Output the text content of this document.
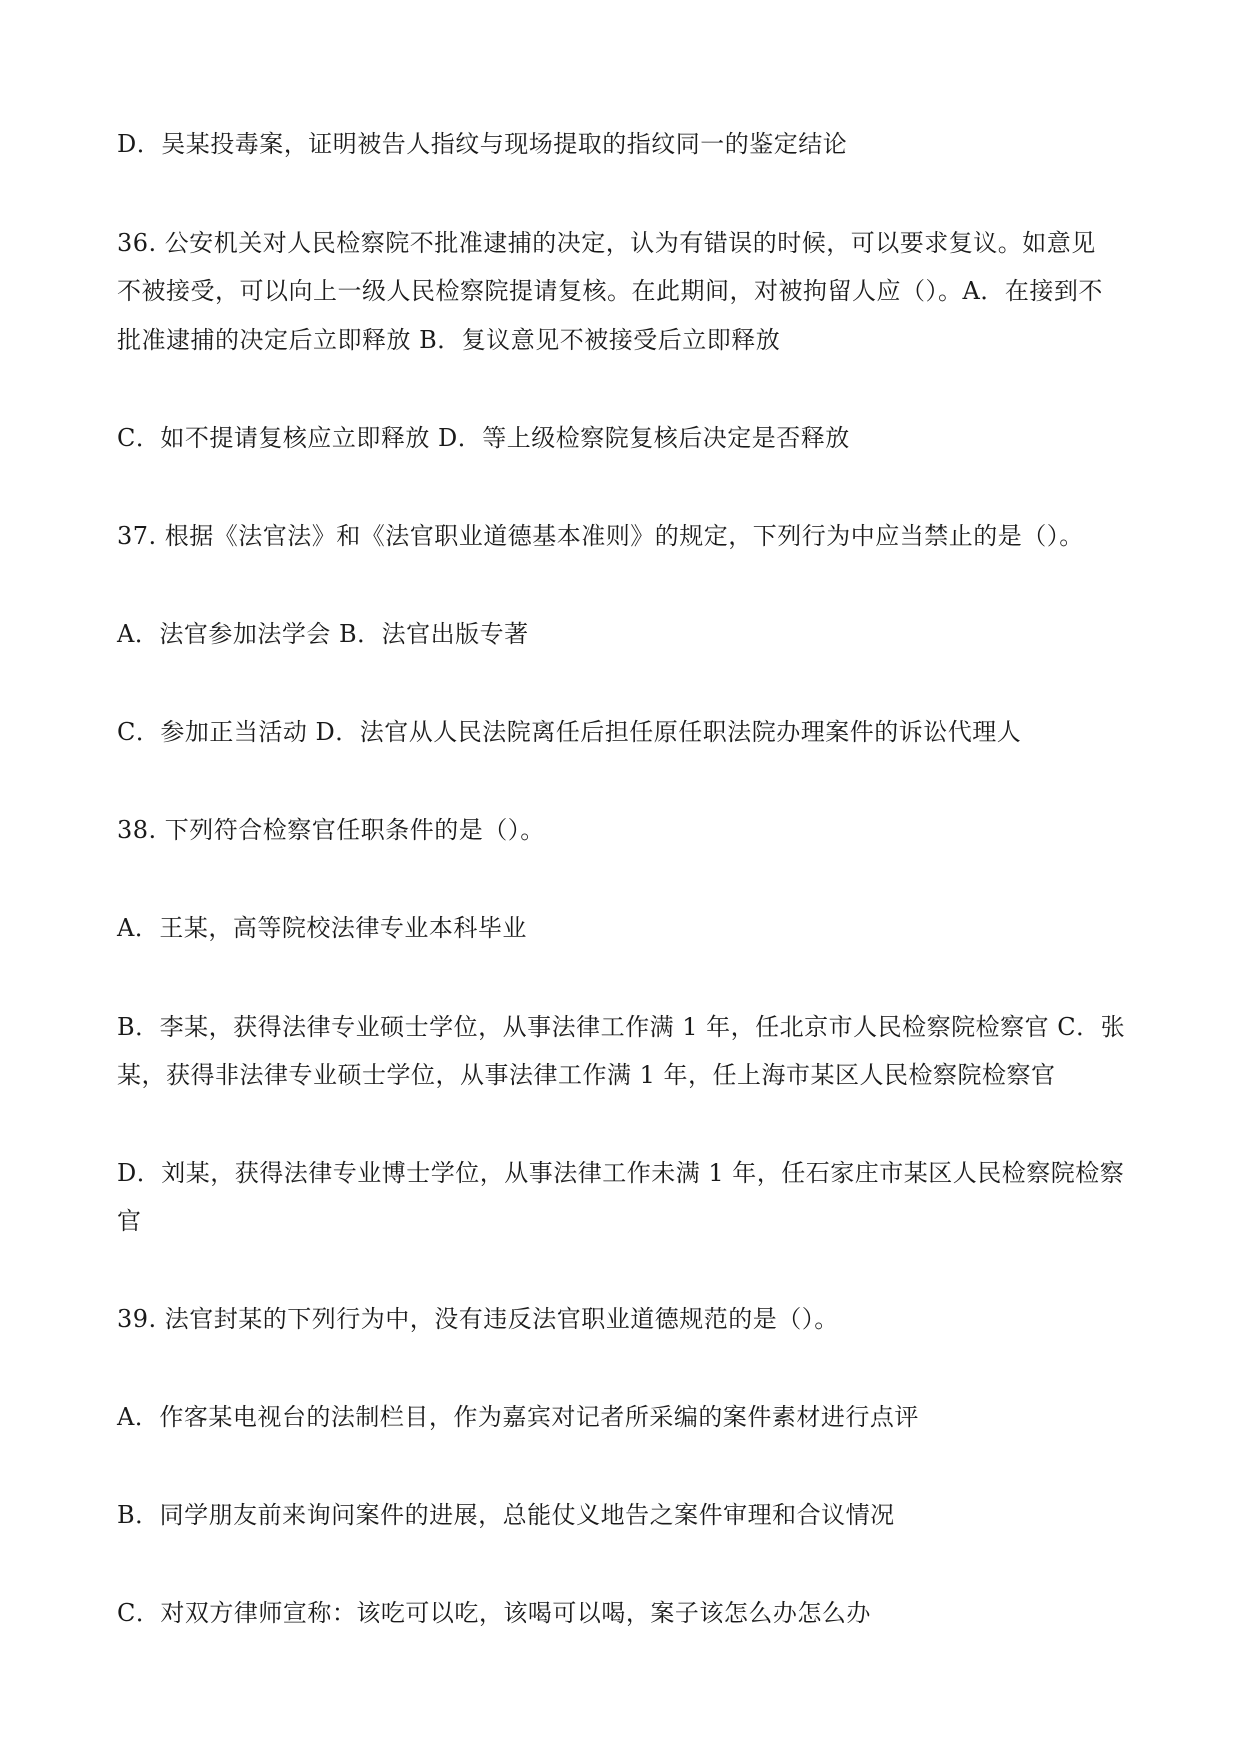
D．吴某投毒案，证明被告人指纹与现场提取的指纹同一的鉴定结论
36. 公安机关对人民检察院不批准逮捕的决定，认为有错误的时候，可以要求复议。如意见
不被接受，可以向上一级人民检察院提请复核。在此期间，对被拘留人应（）。A．在接到不
批准逮捕的决定后立即释放 B．复议意见不被接受后立即释放
C．如不提请复核应立即释放 D．等上级检察院复核后决定是否释放
37. 根据《法官法》和《法官职业道德基本准则》的规定，下列行为中应当禁止的是（）。
A．法官参加法学会 B．法官出版专著
C．参加正当活动 D．法官从人民法院离任后担任原任职法院办理案件的诉讼代理人
38. 下列符合检察官任职条件的是（）。
A．王某，高等院校法律专业本科毕业
B．李某，获得法律专业硕士学位，从事法律工作满 1 年，任北京市人民检察院检察官 C．张
某，获得非法律专业硕士学位，从事法律工作满 1 年，任上海市某区人民检察院检察官
D．刘某，获得法律专业博士学位，从事法律工作未满 1 年，任石家庄市某区人民检察院检察
官
39. 法官封某的下列行为中，没有违反法官职业道德规范的是（）。
A．作客某电视台的法制栏目，作为嘉宾对记者所采编的案件素材进行点评
B．同学朋友前来询问案件的进展，总能仗义地告之案件审理和合议情况
C．对双方律师宣称：该吃可以吃，该喝可以喝，案子该怎么办怎么办
